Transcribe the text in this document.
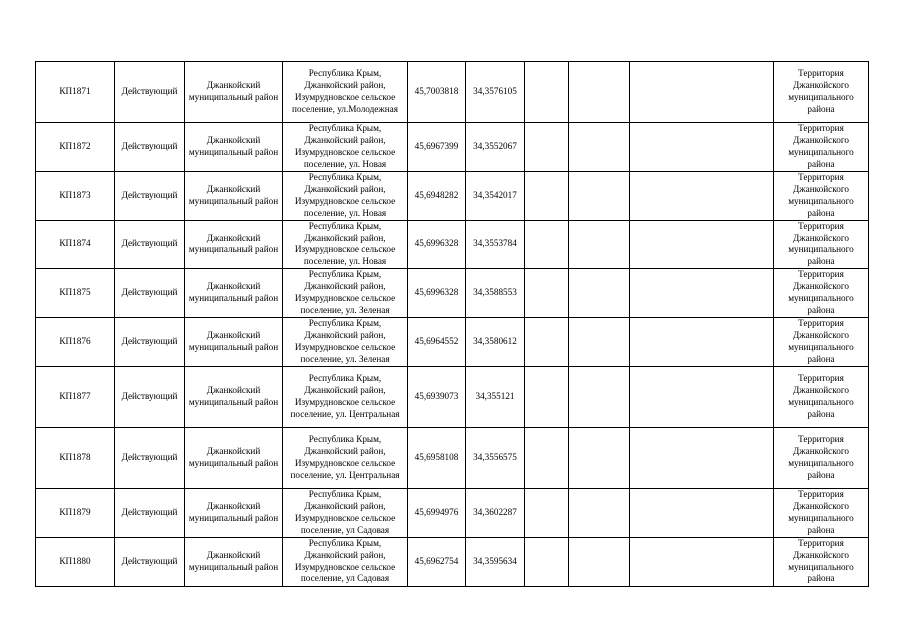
КП1871	Действующий	Джанкойский
муниципальный район	Республика Крым,
Джанкойский район,
Изумрудновское сельское
поселение, ул.Молодежная	45,7003818	34,3576105				Территория
Джанкойского
муниципального
района

КП1872	Действующий	Джанкойский
муниципальный район	Республика Крым,
Джанкойский район,
Изумрудновское сельское
поселение, ул. Новая	45,6967399	34,3552067				Территория
Джанкойского
муниципального
района

КП1873	Действующий	Джанкойский
муниципальный район	Республика Крым,
Джанкойский район,
Изумрудновское сельское
поселение, ул. Новая	45,6948282	34,3542017				Территория
Джанкойского
муниципального
района

КП1874	Действующий	Джанкойский
муниципальный район	Республика Крым,
Джанкойский район,
Изумрудновское сельское
поселение, ул. Новая	45,6996328	34,3553784				Территория
Джанкойского
муниципального
района

КП1875	Действующий	Джанкойский
муниципальный район	Республика Крым,
Джанкойский район,
Изумрудновское сельское
поселение, ул. Зеленая	45,6996328	34,3588553				Территория
Джанкойского
муниципального
района

КП1876	Действующий	Джанкойский
муниципальный район	Республика Крым,
Джанкойский район,
Изумрудновское сельское
поселение, ул. Зеленая	45,6964552	34,3580612				Территория
Джанкойского
муниципального
района

КП1877	Действующий	Джанкойский
муниципальный район	Республика Крым,
Джанкойский район,
Изумрудновское сельское
поселение, ул. Центральная	45,6939073	34,355121				Территория
Джанкойского
муниципального
района

КП1878	Действующий	Джанкойский
муниципальный район	Республика Крым,
Джанкойский район,
Изумрудновское сельское
поселение, ул. Центральная	45,6958108	34,3556575				Территория
Джанкойского
муниципального
района

КП1879	Действующий	Джанкойский
муниципальный район	Республика Крым,
Джанкойский район,
Изумрудновское сельское
поселение, ул Садовая	45,6994976	34,3602287				Территория
Джанкойского
муниципального
района

КП1880	Действующий	Джанкойский
муниципальный район	Республика Крым,
Джанкойский район,
Изумрудновское сельское
поселение, ул Садовая	45,6962754	34,3595634				Территория
Джанкойского
муниципального
района
